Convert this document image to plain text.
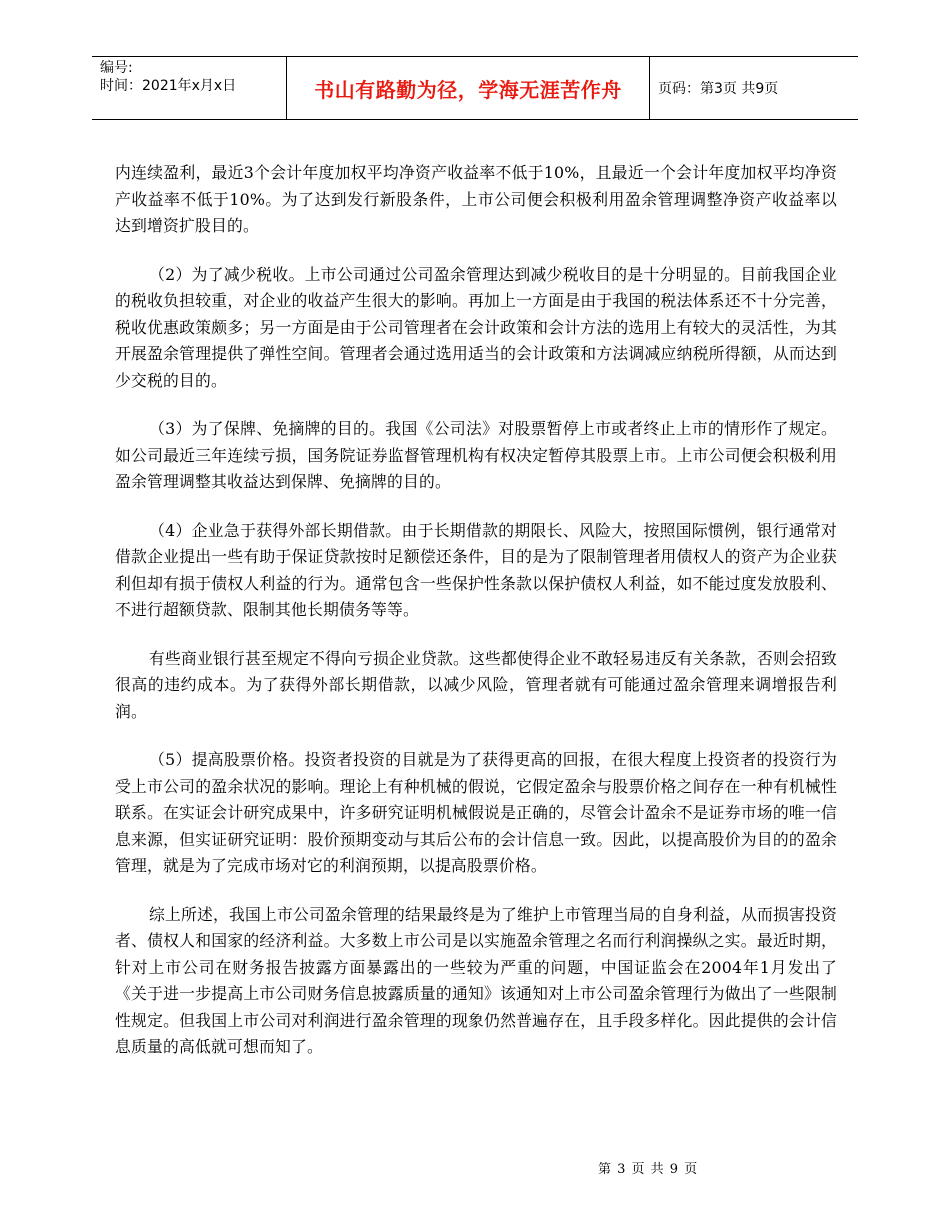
编号:
时间：2021年x月x日	书山有路勤为径，学海无涯苦作舟	页码：第3页 共9页

内连续盈利，最近3个会计年度加权平均净资产收益率不低于10%，且最近一个会计年度加权平均净资产收益率不低于10%。为了达到发行新股条件，上市公司便会积极利用盈余管理调整净资产收益率以达到增资扩股目的。

（2）为了减少税收。上市公司通过公司盈余管理达到减少税收目的是十分明显的。目前我国企业的税收负担较重，对企业的收益产生很大的影响。再加上一方面是由于我国的税法体系还不十分完善，税收优惠政策颇多；另一方面是由于公司管理者在会计政策和会计方法的选用上有较大的灵活性，为其开展盈余管理提供了弹性空间。管理者会通过选用适当的会计政策和方法调减应纳税所得额，从而达到少交税的目的。

（3）为了保牌、免摘牌的目的。我国《公司法》对股票暂停上市或者终止上市的情形作了规定。如公司最近三年连续亏损，国务院证券监督管理机构有权决定暂停其股票上市。上市公司便会积极利用盈余管理调整其收益达到保牌、免摘牌的目的。

（4）企业急于获得外部长期借款。由于长期借款的期限长、风险大，按照国际惯例，银行通常对借款企业提出一些有助于保证贷款按时足额偿还条件，目的是为了限制管理者用债权人的资产为企业获利但却有损于债权人利益的行为。通常包含一些保护性条款以保护债权人利益，如不能过度发放股利、不进行超额贷款、限制其他长期债务等等。

有些商业银行甚至规定不得向亏损企业贷款。这些都使得企业不敢轻易违反有关条款，否则会招致很高的违约成本。为了获得外部长期借款，以减少风险，管理者就有可能通过盈余管理来调增报告利润。

（5）提高股票价格。投资者投资的目就是为了获得更高的回报，在很大程度上投资者的投资行为受上市公司的盈余状况的影响。理论上有种机械的假说，它假定盈余与股票价格之间存在一种有机械性联系。在实证会计研究成果中，许多研究证明机械假说是正确的，尽管会计盈余不是证券市场的唯一信息来源，但实证研究证明：股价预期变动与其后公布的会计信息一致。因此，以提高股价为目的的盈余管理，就是为了完成市场对它的利润预期，以提高股票价格。

综上所述，我国上市公司盈余管理的结果最终是为了维护上市管理当局的自身利益，从而损害投资者、债权人和国家的经济利益。大多数上市公司是以实施盈余管理之名而行利润操纵之实。最近时期，针对上市公司在财务报告披露方面暴露出的一些较为严重的问题，中国证监会在2004年1月发出了《关于进一步提高上市公司财务信息披露质量的通知》该通知对上市公司盈余管理行为做出了一些限制性规定。但我国上市公司对利润进行盈余管理的现象仍然普遍存在，且手段多样化。因此提供的会计信息质量的高低就可想而知了。

第 3 页 共 9 页
